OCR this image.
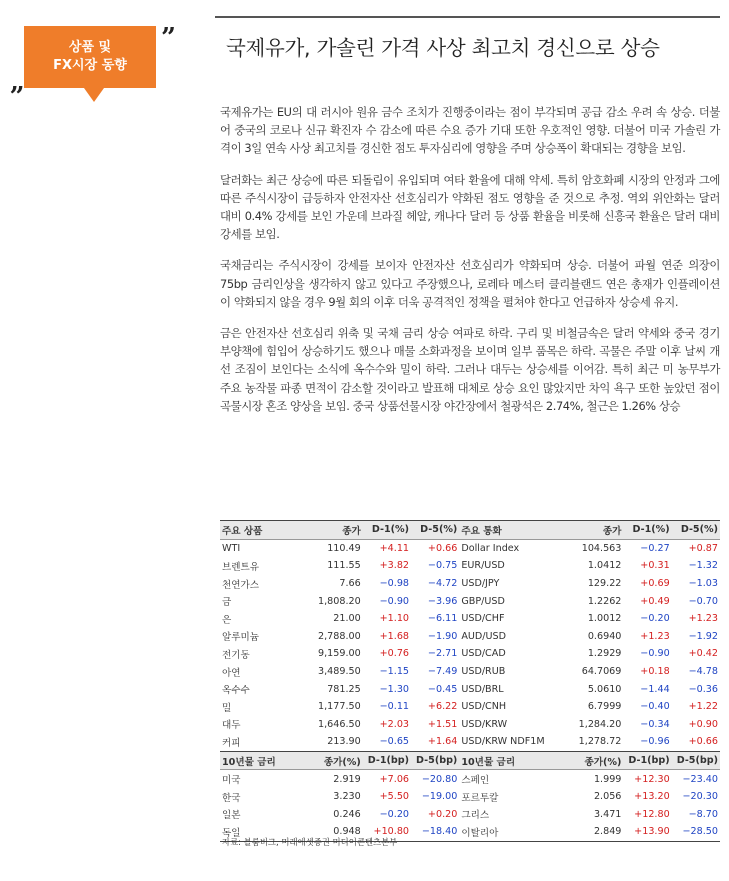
상품 및
FX시장 동향
„
” 국제유가, 가솔린 가격 사상 최고치 경신으로 상승

국제유가는 EU의 대 러시아 원유 금수 조치가 진행중이라는 점이 부각되며 공급 감소 우려 속 상승. 더불어 중국의 코로나 신규 확진자 수 감소에 따른 수요 증가 기대 또한 우호적인 영향. 더불어 미국 가솔린 가격이 3일 연속 사상 최고치를 경신한 점도 투자심리에 영향을 주며 상승폭이 확대되는 경향을 보임.

달러화는 최근 상승에 따른 되돌림이 유입되며 여타 환율에 대해 약세. 특히 암호화폐 시장의 안정과 그에 따른 주식시장이 급등하자 안전자산 선호심리가 약화된 점도 영향을 준 것으로 추정. 역외 위안화는 달러 대비 0.4% 강세를 보인 가운데 브라질 헤알, 캐나다 달러 등 상품 환율을 비롯해 신흥국 환율은 달러 대비 강세를 보임.

국채금리는 주식시장이 강세를 보이자 안전자산 선호심리가 약화되며 상승. 더불어 파월 연준 의장이 75bp 금리인상을 생각하지 않고 있다고 주장했으나, 로레타 메스터 클리블랜드 연은 총재가 인플레이션이 약화되지 않을 경우 9월 회의 이후 더욱 공격적인 정책을 펼쳐야 한다고 언급하자 상승세 유지.

금은 안전자산 선호심리 위축 및 국채 금리 상승 여파로 하락. 구리 및 비철금속은 달러 약세와 중국 경기 부양책에 힘입어 상승하기도 했으나 매물 소화과정을 보이며 일부 품목은 하락. 곡물은 주말 이후 날씨 개선 조짐이 보인다는 소식에 옥수수와 밀이 하락. 그러나 대두는 상승세를 이어감. 특히 최근 미 농무부가 주요 농작물 파종 면적이 감소할 것이라고 발표해 대체로 상승 요인 많았지만 차익 욕구 또한 높았던 점이 곡물시장 혼조 양상을 보임. 중국 상품선물시장 야간장에서 철광석은 2.74%, 철근은 1.26% 상승

주요 상품	종가	D-1(%)	D-5(%)	주요 통화	종가	D-1(%)	D-5(%)
WTI	110.49	+4.11	+0.66	Dollar Index	104.563	−0.27	+0.87
브렌트유	111.55	+3.82	−0.75	EUR/USD	1.0412	+0.31	−1.32
천연가스	7.66	−0.98	−4.72	USD/JPY	129.22	+0.69	−1.03
금	1,808.20	−0.90	−3.96	GBP/USD	1.2262	+0.49	−0.70
은	21.00	+1.10	−6.11	USD/CHF	1.0012	−0.20	+1.23
알루미늄	2,788.00	+1.68	−1.90	AUD/USD	0.6940	+1.23	−1.92
전기동	9,159.00	+0.76	−2.71	USD/CAD	1.2929	−0.90	+0.42
아연	3,489.50	−1.15	−7.49	USD/RUB	64.7069	+0.18	−4.78
옥수수	781.25	−1.30	−0.45	USD/BRL	5.0610	−1.44	−0.36
밀	1,177.50	−0.11	+6.22	USD/CNH	6.7999	−0.40	+1.22
대두	1,646.50	+2.03	+1.51	USD/KRW	1,284.20	−0.34	+0.90
커피	213.90	−0.65	+1.64	USD/KRW NDF1M	1,278.72	−0.96	+0.66
10년물 금리	종가(%)	D-1(bp)	D-5(bp)	10년물 금리	종가(%)	D-1(bp)	D-5(bp)
미국	2.919	+7.06	−20.80	스페인	1.999	+12.30	−23.40
한국	3.230	+5.50	−19.00	포르투칼	2.056	+13.20	−20.30
일본	0.246	−0.20	+0.20	그리스	3.471	+12.80	−8.70
독일	0.948	+10.80	−18.40	이탈리아	2.849	+13.90	−28.50
자료: 블룸버그, 미래에셋증권 미디어콘텐츠본부
